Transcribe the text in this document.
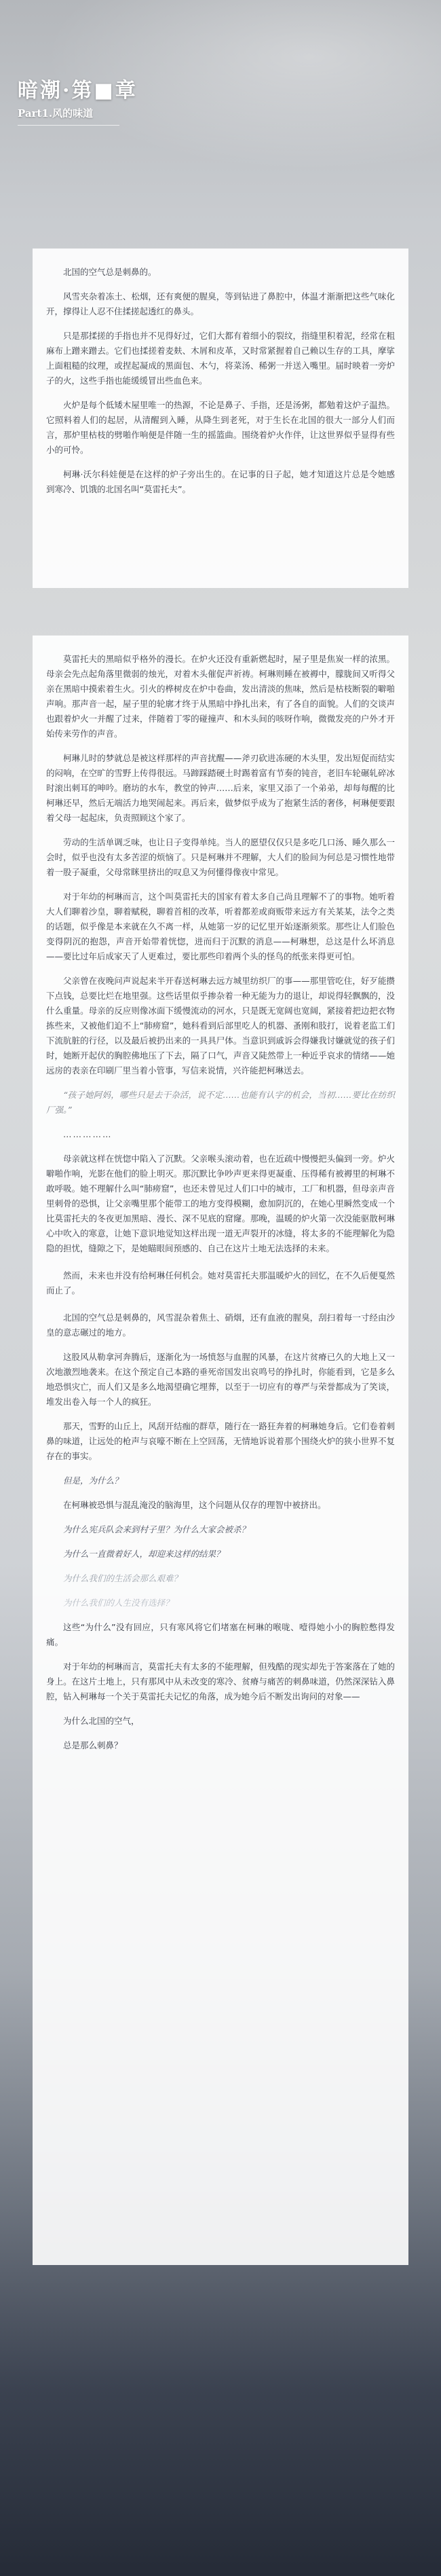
暗潮·第■章
Part1.风的味道

北国的空气总是刺鼻的。

风雪夹杂着冻土、松烟，还有爽便的腥臭，等到钻进了鼻腔中，体温才渐渐把这些气味化开，撑得让人忍不住揉搓起透红的鼻头。

只是那揉搓的手指也并不见得好过，它们大都有着细小的裂纹，指缝里积着泥，经常在粗麻布上蹭来蹭去。它们也揉搓着麦麸、木屑和皮革，又时常紧握着自己赖以生存的工具，摩挲上面粗糙的纹理，或捏起凝成的黑面包、木勺，将菜汤、稀粥一并送入嘴里。届时映着一旁炉子的火，这些手指也能缓缓冒出些血色来。

火炉是每个低矮木屋里唯一的热源，不论是鼻子、手指，还是汤粥，都勉着这炉子温热。它照料着人们的起居，从清醒到入睡，从降生到老死，对于生长在北国的很大一部分人们而言，那炉里枯枝的劈啪作响便是伴随一生的摇篮曲。围绕着炉火作伴，让这世界似乎显得有些小的可怜。

柯琳·沃尔科娃便是在这样的炉子旁出生的。在记事的日子起，她才知道这片总是令她感到寒冷、饥饿的北国名叫“莫雷托夫”。

莫雷托夫的黑暗似乎格外的漫长。在炉火还没有重新燃起时，屋子里是焦炭一样的浓黑。母亲会先点起角落里微弱的烛光，对着木头催促声祈祷。柯琳则睡在被褥中，朦胧间又听得父亲在黑暗中摸索着生火。引火的桦树皮在炉中卷曲，发出清淡的焦味，然后是枯枝断裂的噼啪声响。那声音一起，屋子里的轮廓才终于从黑暗中挣扎出来，有了各自的面貌。人们的交谈声也跟着炉火一并醒了过来，伴随着丁零的碰撞声、和木头间的咳呀作响，微微发亮的户外才开始传来劳作的声音。

柯琳儿时的梦就总是被这样那样的声音扰醒——斧刃砍进冻硬的木头里，发出短促而结实的闷响，在空旷的雪野上传得很远。马蹄踩踏硬土时踢着富有节奏的钝音，老旧车轮碾轧碎冰时滚出刺耳的呻吟。磨坊的水车，教堂的钟声……后来，家里又添了一个弟弟，却每每醒的比柯琳还早，然后无端活力地哭闹起来。再后来，做梦似乎成为了抱紧生活的奢侈，柯琳便要跟着父母一起起床，负责照顾这个家了。

劳动的生活单调乏味，也让日子变得单纯。当人的愿望仅仅只是多吃几口汤、睡久那么一会时，似乎也没有太多苦涩的烦恼了。只是柯琳并不理解，大人们的脸间为何总是习惯性地带着一股子凝重，父母常眯里挤出的叹息又为何懂得像夜中常见。

对于年幼的柯琳而言，这个叫莫雷托夫的国家有着太多自己尚且理解不了的事物。她听着大人们聊着沙皇，聊着赋税，聊着首相的改革，听着都差或商贩带来远方有关某某，法令之类的话题，似乎像是本来就在久不离一样，从她第一岁的记忆里开始逐渐须浆。那些让人们脸色变得阴沉的抱怨，声音开始带着恍惚，进而归于沉默的消息——柯琳想，总这是什么坏消息——要比过年后成家天了人更难过，要比那些印着两个头的怪鸟的纸张来得更可怕。

父亲曾在夜晚问声说起来半开春送柯琳去远方城里纺织厂的事——那里管吃住，好歹能攒下点钱，总要比烂在地里强。这些话里似乎掺杂着一种无能为力的退让，却说得轻飘飘的，没什么重量。母亲的反应则像冰面下缓慢流动的河水，只是既无宽阔也宽阔，紧接着把边把衣物拣些来，又被他们迫不上“肺痨窟”，她科看到后部里吃人的机器、蚤刚和肢打，说着老监工们下流肮脏的行径，以及最后被扔出来的一具具尸体。当意识到戚诉会得嫌我讨嫌就觉的孩子们时，她断开起伏的胸腔佛地压了下去，隔了口气，声音又陡然带上一种近乎哀求的情绪——她远房的表亲在印刷厂里当着小管事，写信来说情，兴许能把柯琳送去。

“孩子她阿妈，哪些只是去干杂活，说不定……也能有认字的机会，当初……要比在纺织厂强。”

……………

母亲就这样在恍惚中陷入了沉默。父亲喉头滚动着，也在近疏中慢慢把头偏到一旁。炉火噼啪作响，光影在他们的脸上明灭。那沉默比争吵声更来得更凝重、压得稀有被褥里的柯琳不敢呼吸。她不理解什么叫“肺痨窟”，也还未曾见过人们口中的城市，工厂和机器，但母亲声音里刺骨的恐惧，让父亲嘴里那个能带工的地方变得模糊，愈加阴沉的，在她心里瞬然变成一个比莫雷托夫的冬夜更加黑暗、漫长、深不见底的窟窿。那晚，温暖的炉火第一次没能驱散柯琳心中吹入的寒意，让她下意识地觉知这样出现一道无声裂开的冰缝，将太多的不能理解化为隐隐的担忧，缝隙之下，是她瞄眼间预感的、自己在这片土地无法选择的未来。

然而，未来也并没有给柯琳任何机会。她对莫雷托夫那温暖炉火的回忆，在不久后便戛然而止了。

北国的空气总是刺鼻的，风雪混杂着焦土、硝烟，还有血液的腥臭，刮扫着每一寸经由沙皇的意志碾过的地方。

这股风从勒拿河奔腾后，逐渐化为一场愤怒与血腥的风暴，在这片贫瘠已久的大地上又一次地激烈地袭来。在这个预定自己本路的垂死帝国发出哀鸣号的挣扎时，你能看到，它是多么地恐惧灾亡，而人们又是多么地渴望确它埋葬，以至于一切应有的尊严与荣誉都成为了笑谈，堆发出卷入每一个人的疯狂。

那天，雪野的山丘上，风刮开结痂的群草，随行在一路狂奔着的柯琳她身后。它们卷着刺鼻的味道，让远处的枪声与哀嚎不断在上空回荡，无情地诉说着那个围绕火炉的狭小世界不复存在的事实。

但是，为什么？

在柯琳被恐惧与混乱淹没的脑海里，这个问题从仅存的理智中被挤出。

为什么宪兵队会来到村子里？为什么大家会被杀？

为什么一直微着好人，却迎来这样的结果？

为什么我们的生活会那么艰难？

为什么我们的人生没有选择？

这些“为什么”没有回应，只有寒风将它们堵塞在柯琳的喉咙、噎得她小小的胸腔憋得发痛。

对于年幼的柯琳而言，莫雷托夫有太多的不能理解，但残酷的现实却先于答案落在了她的身上。在这片土地上，只有那风中从未改变的寒冷、贫瘠与痛苦的刺鼻味道，仍然深深钻入鼻腔，钻入柯琳每一个关于莫雷托夫记忆的角落，成为她今后不断发出询问的对象——

为什么北国的空气，

总是那么刺鼻？
